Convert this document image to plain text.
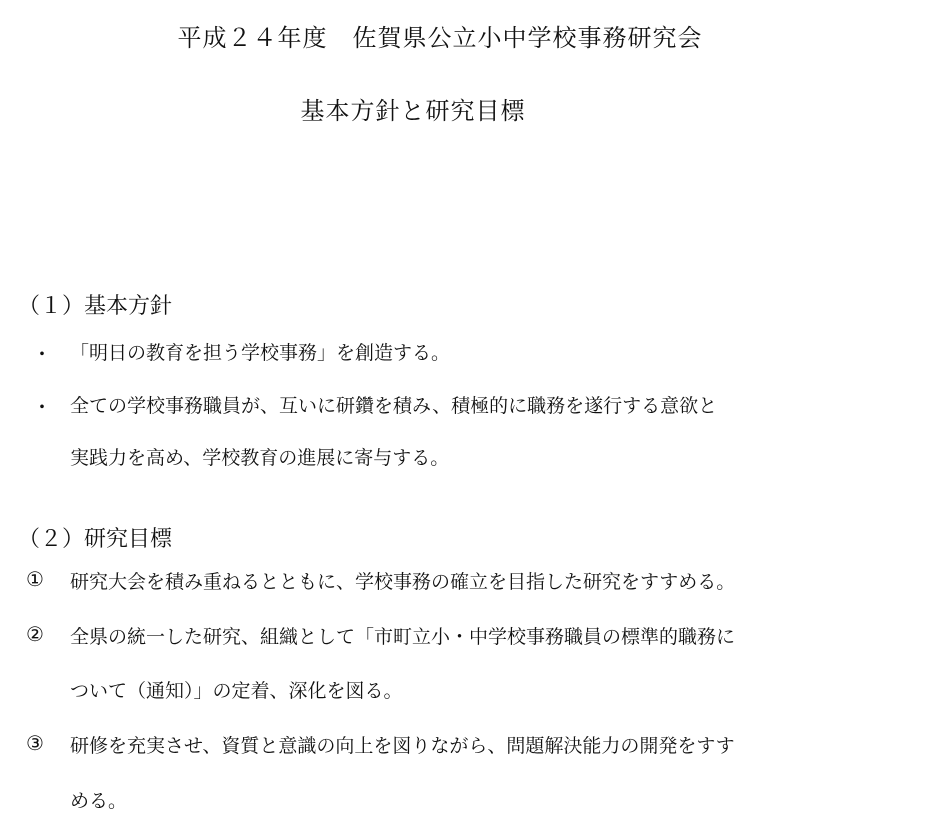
平成２４年度　佐賀県公立小中学校事務研究会
基本方針と研究目標
（１）基本方針
・ 「明日の教育を担う学校事務」を創造する。
・ 全ての学校事務職員が、互いに研鑽を積み、積極的に職務を遂行する意欲と
実践力を高め、学校教育の進展に寄与する。
（２）研究目標
① 研究大会を積み重ねるとともに、学校事務の確立を目指した研究をすすめる。
② 全県の統一した研究、組織として「市町立小・中学校事務職員の標準的職務に
ついて（通知）」の定着、深化を図る。
③ 研修を充実させ、資質と意識の向上を図りながら、問題解決能力の開発をすす
める。
